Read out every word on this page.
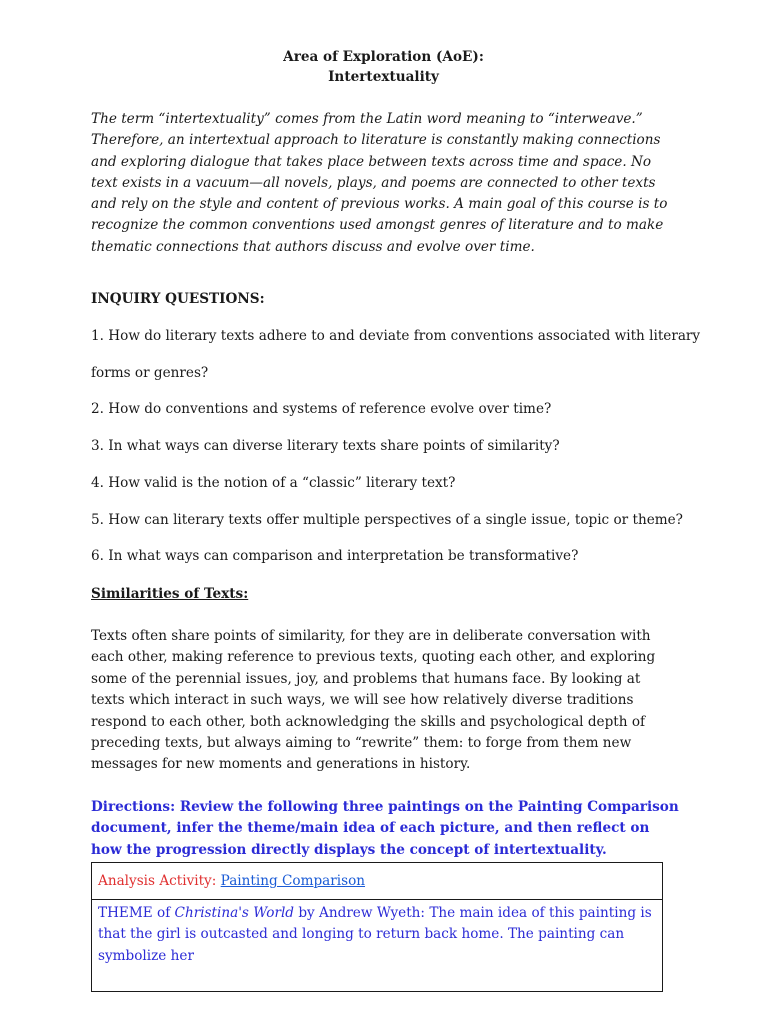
Area of Exploration (AoE):

Intertextuality

The term “intertextuality” comes from the Latin word meaning to “interweave.” Therefore, an intertextual approach to literature is constantly making connections and exploring dialogue that takes place between texts across time and space. No text exists in a vacuum—all novels, plays, and poems are connected to other texts and rely on the style and content of previous works. A main goal of this course is to recognize the common conventions used amongst genres of literature and to make thematic connections that authors discuss and evolve over time.

INQUIRY QUESTIONS:

1. How do literary texts adhere to and deviate from conventions associated with literary

forms or genres?

2. How do conventions and systems of reference evolve over time?

3. In what ways can diverse literary texts share points of similarity?

4. How valid is the notion of a “classic” literary text?

5. How can literary texts offer multiple perspectives of a single issue, topic or theme?

6. In what ways can comparison and interpretation be transformative?

Similarities of Texts:

Texts often share points of similarity, for they are in deliberate conversation with each other, making reference to previous texts, quoting each other, and exploring some of the perennial issues, joy, and problems that humans face. By looking at texts which interact in such ways, we will see how relatively diverse traditions respond to each other, both acknowledging the skills and psychological depth of preceding texts, but always aiming to “rewrite” them: to forge from them new messages for new moments and generations in history.

Directions: Review the following three paintings on the Painting Comparison document, infer the theme/main idea of each picture, and then reflect on how the progression directly displays the concept of intertextuality.

Analysis Activity: Painting Comparison
THEME of Christina's World by Andrew Wyeth: The main idea of this painting is that the girl is outcasted and longing to return back home. The painting can symbolize her
